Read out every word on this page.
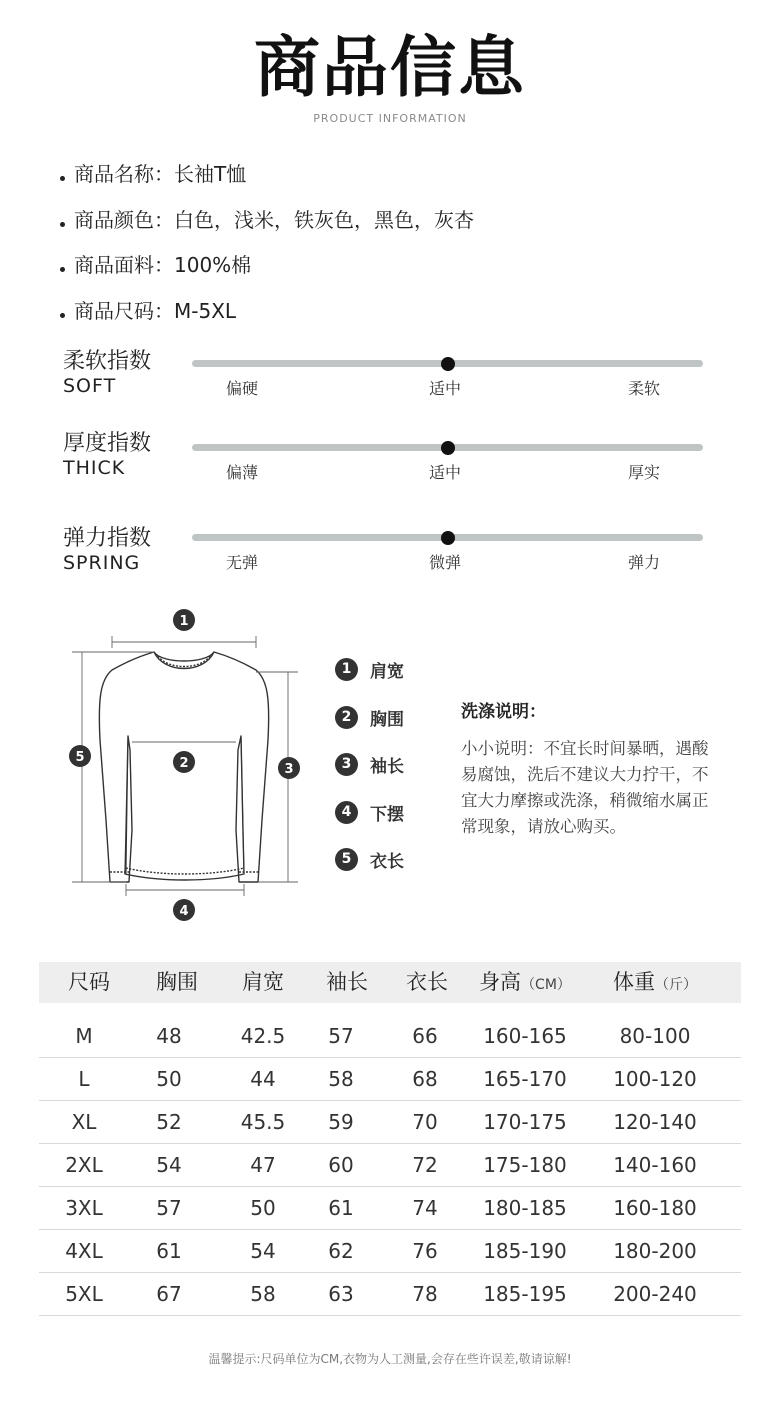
商品信息
PRODUCT INFORMATION
商品名称：长袖T恤
商品颜色：白色，浅米，铁灰色，黑色，灰杏
商品面料：100%棉
商品尺码：M-5XL
柔软指数
SOFT	偏硬	适中	柔软
厚度指数
THICK	偏薄	适中	厚实
弹力指数
SPRING	无弹	微弹	弹力
1
2	3
4
5
1	肩宽
2	胸围
3	袖长
4	下摆
5	衣长
洗涤说明：
小小说明：不宜长时间暴晒，遇酸易腐蚀，洗后不建议大力拧干，不宜大力摩擦或洗涤，稍微缩水属正常现象，请放心购买。
尺码	胸围	肩宽	袖长	衣长	身高（CM）	体重（斤）
M	48	42.5	57	66	160-165	80-100
L	50	44	58	68	165-170	100-120
XL	52	45.5	59	70	170-175	120-140
2XL	54	47	60	72	175-180	140-160
3XL	57	50	61	74	180-185	160-180
4XL	61	54	62	76	185-190	180-200
5XL	67	58	63	78	185-195	200-240
温馨提示:尺码单位为CM,衣物为人工测量,会存在些许误差,敬请谅解!
